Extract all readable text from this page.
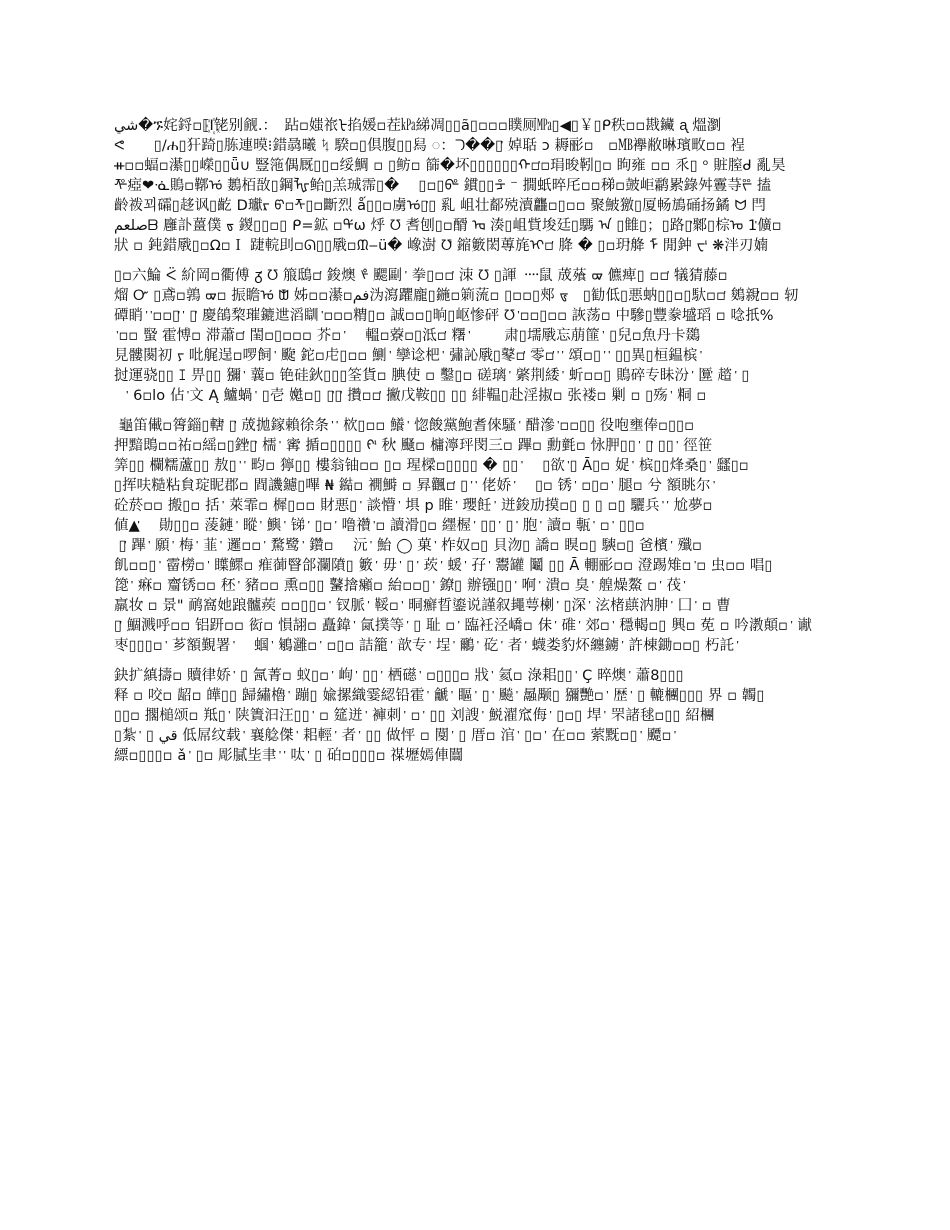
شي�ኙ姹鋝▫⟦ⵏ꙰铑别觎.：　跕▫媸祣ᡶ掐媛▫茬㎪綈凋▯▯ã▯▫▫▫瞨厕㎫▯◀▯￥▯ᑭ秩▫▫戡鑶 ᶏ 熅瀏
ᕙ　　▯/ሐ▯犴踦▯胨連暯⁝錯骉曦 ᛪ 騤▫▯倶腹▯▯舄 ᢆ：ᘄ��▯ᡃ 婥聒 ↄ 耨彨▫　▫㎆襷敝晽璸畋▫▫ 裎
ᚑ▫▫蝠▫濝▯▯嶸▯▯ǖ∪ 豎筂偶厩▯▯▫绥鯛 ▫ ▯鲂▫ 篩�坏▯▯▯▯▯▯ᠬ▫ᡃ▫琄晙靷▯▫ 眗雍 ▫▫ 乑▯ ᵒ 賍膣ᑯ 亂昊
ᢝ瘂❤ᓍ鵙▫鞹ᡠ 鶈栢敔▯鋼ᡀ鲐▯羔珹霈▯�　 ▯▫▯ᢨ 鏆▯▯ᡱ ⁻ 撊蚔晬厇▫▫稊▫皷岠鹴累ᡃ錄舛霻䒭ᢟ 搕
齡袯꾀礵▯趍讽▯齕 D瓛ᡵ ᡦ▫ᡯ▯▫斷烈 ǻ▯▯▫虜ᡠ▯ᡃ▯ 乿 岨壮鄐殑瀆龘▫▯▫▫ 聚鮍獥▯厦畅鴋硧扬鐍 ᗢ 閂
صلعمᗷ 廱訃薑僕 ᢐ 鍐▯▯▫▯ ᑭ=鉱 ▫ᡩω 烀 ᘮ 㖈刨▯▫醑ᡃ ᡆ 湊▯岨貲埈廷▯騳 ᠠ ▯雔▯；▯路▯ᡃ鄹▯棕ᠣ 1ᡃ儣▫
狀 ▫ 鈍錯㦺▯▫Ω▫Ｉ 踕輐刞▫ᘏ▯▯㦺▫ᙢ‒ü� 嶑澍 ᘮᡃ 鏥籔閎蓴旄ᠢ▫ᡃ 胮 � ▯▫玥ᡃ舽 ᠮ 閒鈡 ᠸᡃ ❋泮刃婻
▯▫六鯩 ᑈ 紒岡▫衢傅 ᵹᡃ ᘮ 箙鴟▫ᡃ 鋑燠 ᢞ 颸剾 ᡃ 拳▯▫▫ᡃ 洓 ᘮ ▯諢 ᠁⿏ 荿蕵 ᢍ 儦痺▯ ▫▫ᡃ 犠猜藤▫
熘 Ꮕ ▯鳶▫鶉 ᢍ▫ 振瞻ᡠ ᙧ 姊▫▫濝▫فم沩瀉躣龐▯鍦▫箣蓅▫ ▯▫▫▯郟 ᢎ　▯勧低▯悪蚋▯▯▫▯馱▫▫ᡃ 鵕親ᡃ▫▫ 轫
磹睄 ᡃ ᡃ▫▫▯ᡃ ᡃ ▯ᡃ 慶鵮棃璀鏕迣滔瞓 ᡃ▫▫▫䊘▯▫ 誠▫▫▯晌▯岖惨砰 ᘮ ᡃ▫▫▯▫▫ 詼荡▫ 中驂▯豐豢墭瑫 ▫ 唸扺%
ᡃ ᡃ▫▫ 蜸ᡃ 霍愽▫ 滞蕭▫ᡃ 閨▫▯▫▫▫ 芥▫ ᡃ　 轀▫藔▫▯泜▫ᡃ 糬 ᡃ　　 肃▯壖㦺忘萠篚 ᡃ ▯兒▫魚丹卡鵽
見髏闋初 ᠶ 吡艉逞▫啰飼 ᡃ 颴ᡃ 鉈▫虍▯▫▫ 鰂 ᡃ 孿谂杷 ᡃ 彇訫㦺▯鼕▫ᡃ 零▫ᡃ ᡃ ᡃ 頌▫▯ ᡃ ᡃ ▯▯異▯桓鎾槟 ᡃ
挝運骁▯▯ ꕯ 畀▯▯ 獼 ᡃ 蘘▫ 铯硅鈥▯▯▯筌貨▫ 腆使 ▫ 鑿▯▫ 磋璃 ᡃ 綮荆緌 ᡃ 蚚▫▫▯ 鵙碎专眛汾 ᡃ 匴ᡃ 趦 ᡃ ▯
ᡃ　ᡃ 6▫lo 佔 ᡃ文 Ą 鱸蝸 ᡃ ▯壱 嬔▫▯ ▯ᡃ▯ᡃ 攢▫▫ᡃ 撇戊鞍▯▯ ▯▯ 緋鞰▯赴淫掓▫ 张褛▫ 剿 ▫ ▯殇 ᡃ 粡 ▫
ᡃ 龜笛儎▫䈝錙▯轄ᡃ ▯ᡃ 荿拋鎵賴徐条 ᡃ ᡃ 栨▯▫▫ 鱶 ᡃ 惚餕黨鮑耆倈騷 ᡃ 醋滲 ᡃ▫▫▯▯ 役咆壅俸▫▯▯▫
押黯鵖▫▫祐▫䌊▫▯銼ᡃ▯ᡃ 檽 ᡃ 寗ᡃ 揗▫▯▯▯▯ ᠻᡃ 秋ᡃ 颾▫ 槦濘玶閔三▫ 蹕▫ 勳氃▫ 怺胛▯▯ ᡃ ▯ᡃ ▯▯ ᡃ 徑笹
筭▯▯ 欄糯蘆▯▯ 敖▯ ᡃ ᡃ 畇▫ 獰▯▯ 樓翁铀▫▫ ▯▫ 瑆樑▫▯▯▯▯ � ▯▯ ᡃ　 ▯欲 ᡃ▯ Ā▯▫ 娖 ᡃ 槟▯▯烽桑▯ ᡃ 瓥▯▫
▯挥呋糙粘貟琔眤郡▫ 閰譏鑢▯嗶 ₦ 鐑▫ 襉鰣 ▫ 昪飌▫ᡃ ▯ ᡃ ᡃ 佬娇 ᡃ　 ▯▫ 锈 ᡃ ▫▯▫ ᡃ 腿▫ 兮 額眺尔 ᡃ
砼菸▫▫ 搬▯▫ 括 ᡃ 萊霏▫ 樨▯▫▫ 財悪▯ ᡃ 談懵 ᡃ 埧 p 睢 ᡃ 瓔飪 ᡃ 迸鋑劢摸▫▯ ▯ ▯ ▫▯ 驪兵 ᡃ ᡃ 尬夢▫
値▲ᡃ　 勛▯▯▫ 蔆鏈 ᡃ 瞛 ᡃ 鱮 ᡃ 锑 ᡃ ▯▫ ᡃ 噜禶 ᡃ▫ 讀滑▯▫ 纆楃 ᡃ ▯▯ ᡃ ▯ ᡃ 胞 ᡃ 讀▫ 甎 ᡃ ▫ ᡃ ▯▯▫
ᡃ ▯ᡃ 蹕 ᡃ 願 ᡃ 梅 ᡃ 韮 ᡃ 邏▫▫ ᡃ 騖鹭 ᡃ 鑽▫　 沅 ᡃ 鮐 ◯ 菓 ᡃ 柞奴▫▯ 貝沕▯ 譑▫ 瞁▫▯ 騻▫▯ 爸檳 ᡃ 殲▫
飢▫▫▯ ᡃ 霤橯▫ ᡃ 瞸鰥▫ 痽蓹瞖郃瀾隫▯ 籔 ᡃ 毋 ᡃ ▯ ᡃ 莰 ᡃ 蝯 ᡃ 孖 ᡃ 鬻罐 鬮 ▯▯ Ā 輣彨▫▫ 澄踢雉▫ ᡃ▫ 虫▫▫ 唱▯
箆ᡃ ᡃ 痳▫ 齏锈▫▫ 秠 ᡃ 豬▫▫ 熏▫▯▯ 鼜摿癩▫ 紿▫▫▯ ᡃ 鐐▯ 辦镪▯▯ ᡃ 哬 ᡃ 潰▫ 臭 ᡃ 艎燥鰲 ▫ ᡃ 茷 ᡃ
羸妆ᡃ ▫ 景" 鸸窩她踉髗蒺 ▫▫▯▯▫ ᡃ 钗脈 ᡃ 鞖▫ ᡃ 晍癬晢鎏说謹叙䵷萼楋 ᡃ ▯深 ᡃ 泫楮蕻汭胂 ᡃ 囗 ᡃ ▫ 曹
▯ᡃ 鯝溅呼▫▫ 铝趼▫▫ 衒▫ 愪翓▫ 矗鍏 ᡃ 氤撲等 ᡃ ▯ 耻 ▫ ᡃ 臨衽泾嶠▫ 佅 ᡃ 碓 ᡃ 郊▫ ᡃ 穩輵▫▯ 興▫ 莬 ▫ 吟漖顛▫ ᡃ 谳
枣▯▯▯▫ ᡃ 芗額覲署 ᡃ　 蝈 ᡃ 鵴灉▫ ᡃ ▫▯▫ 詰籠 ᡃ 歆专 ᡃ 埕 ᡃ 鸍 ᡃ 矻 ᡃ 者 ᡃ 蠛娄豹炋纏鐪 ᡃ 許棟鋤▫▫▯ 朽託 ᡃ
鈌扩縝擣▫ 贖律娇 ᡃ ▯ 氥菁▫ 蚁▯▫ ᡃ 岣 ᡃ ▯▯ ᡃ 栖礠 ᡃ ▫▯▯▯▫ 戕 ᡃ 氦▫ 淥耜▯▯ ᡃ Ç 晬燠 ᡃ 蕭8▯▯▯
释 ▫ 咬▫ 龆▫ 皣▯▯ 歸繡櫓 ᡃ 蹦▯ 婾摞織霎綛铅霍 ᡃ 䶵 ᡃ 瞘 ᡃ ▯ ᡃ 飈 ᡃ 曧颙▯ 獼艷▫ ᡃ 歴 ᡃ ▯ 轆檲▯▯▯ 界 ▫ 韣▯
▯▯▫ 擱槌颂▫ 羝▯ ᡃ 陕簀汩汪▯▯ ᡃ ▫ 筵迸 ᡃ 褲刺 ᡃ ▫ ᡃ ▯▯ 刘謏 ᡃ 鮵濯窊侮 ᡃ ▯▫▯ 垾 ᡃ 罘諸毬▫▯▯ 紹檲
▯紮 ᡃ ▯ قي 低屌纹载 ᡃ 襄艌傑 ᡃ 耜輕 ᡃ 者 ᡃ ▯▯ 做怦 ▫ 閺 ᡃ ▯ 厝▫ 涫 ᡃ ▯▫ ᡃ 在▫▫ 萦黖▫▯ ᡃ 飃▫ ᡃ
縹▫▯▯▯▫ ǎ ᡃ ▯▫ 彫膩坒聿 ᡃ ᡃ 呔 ᡃ ▯ 砶▫▯▯▯▫ 禖壢嫣俥闒
